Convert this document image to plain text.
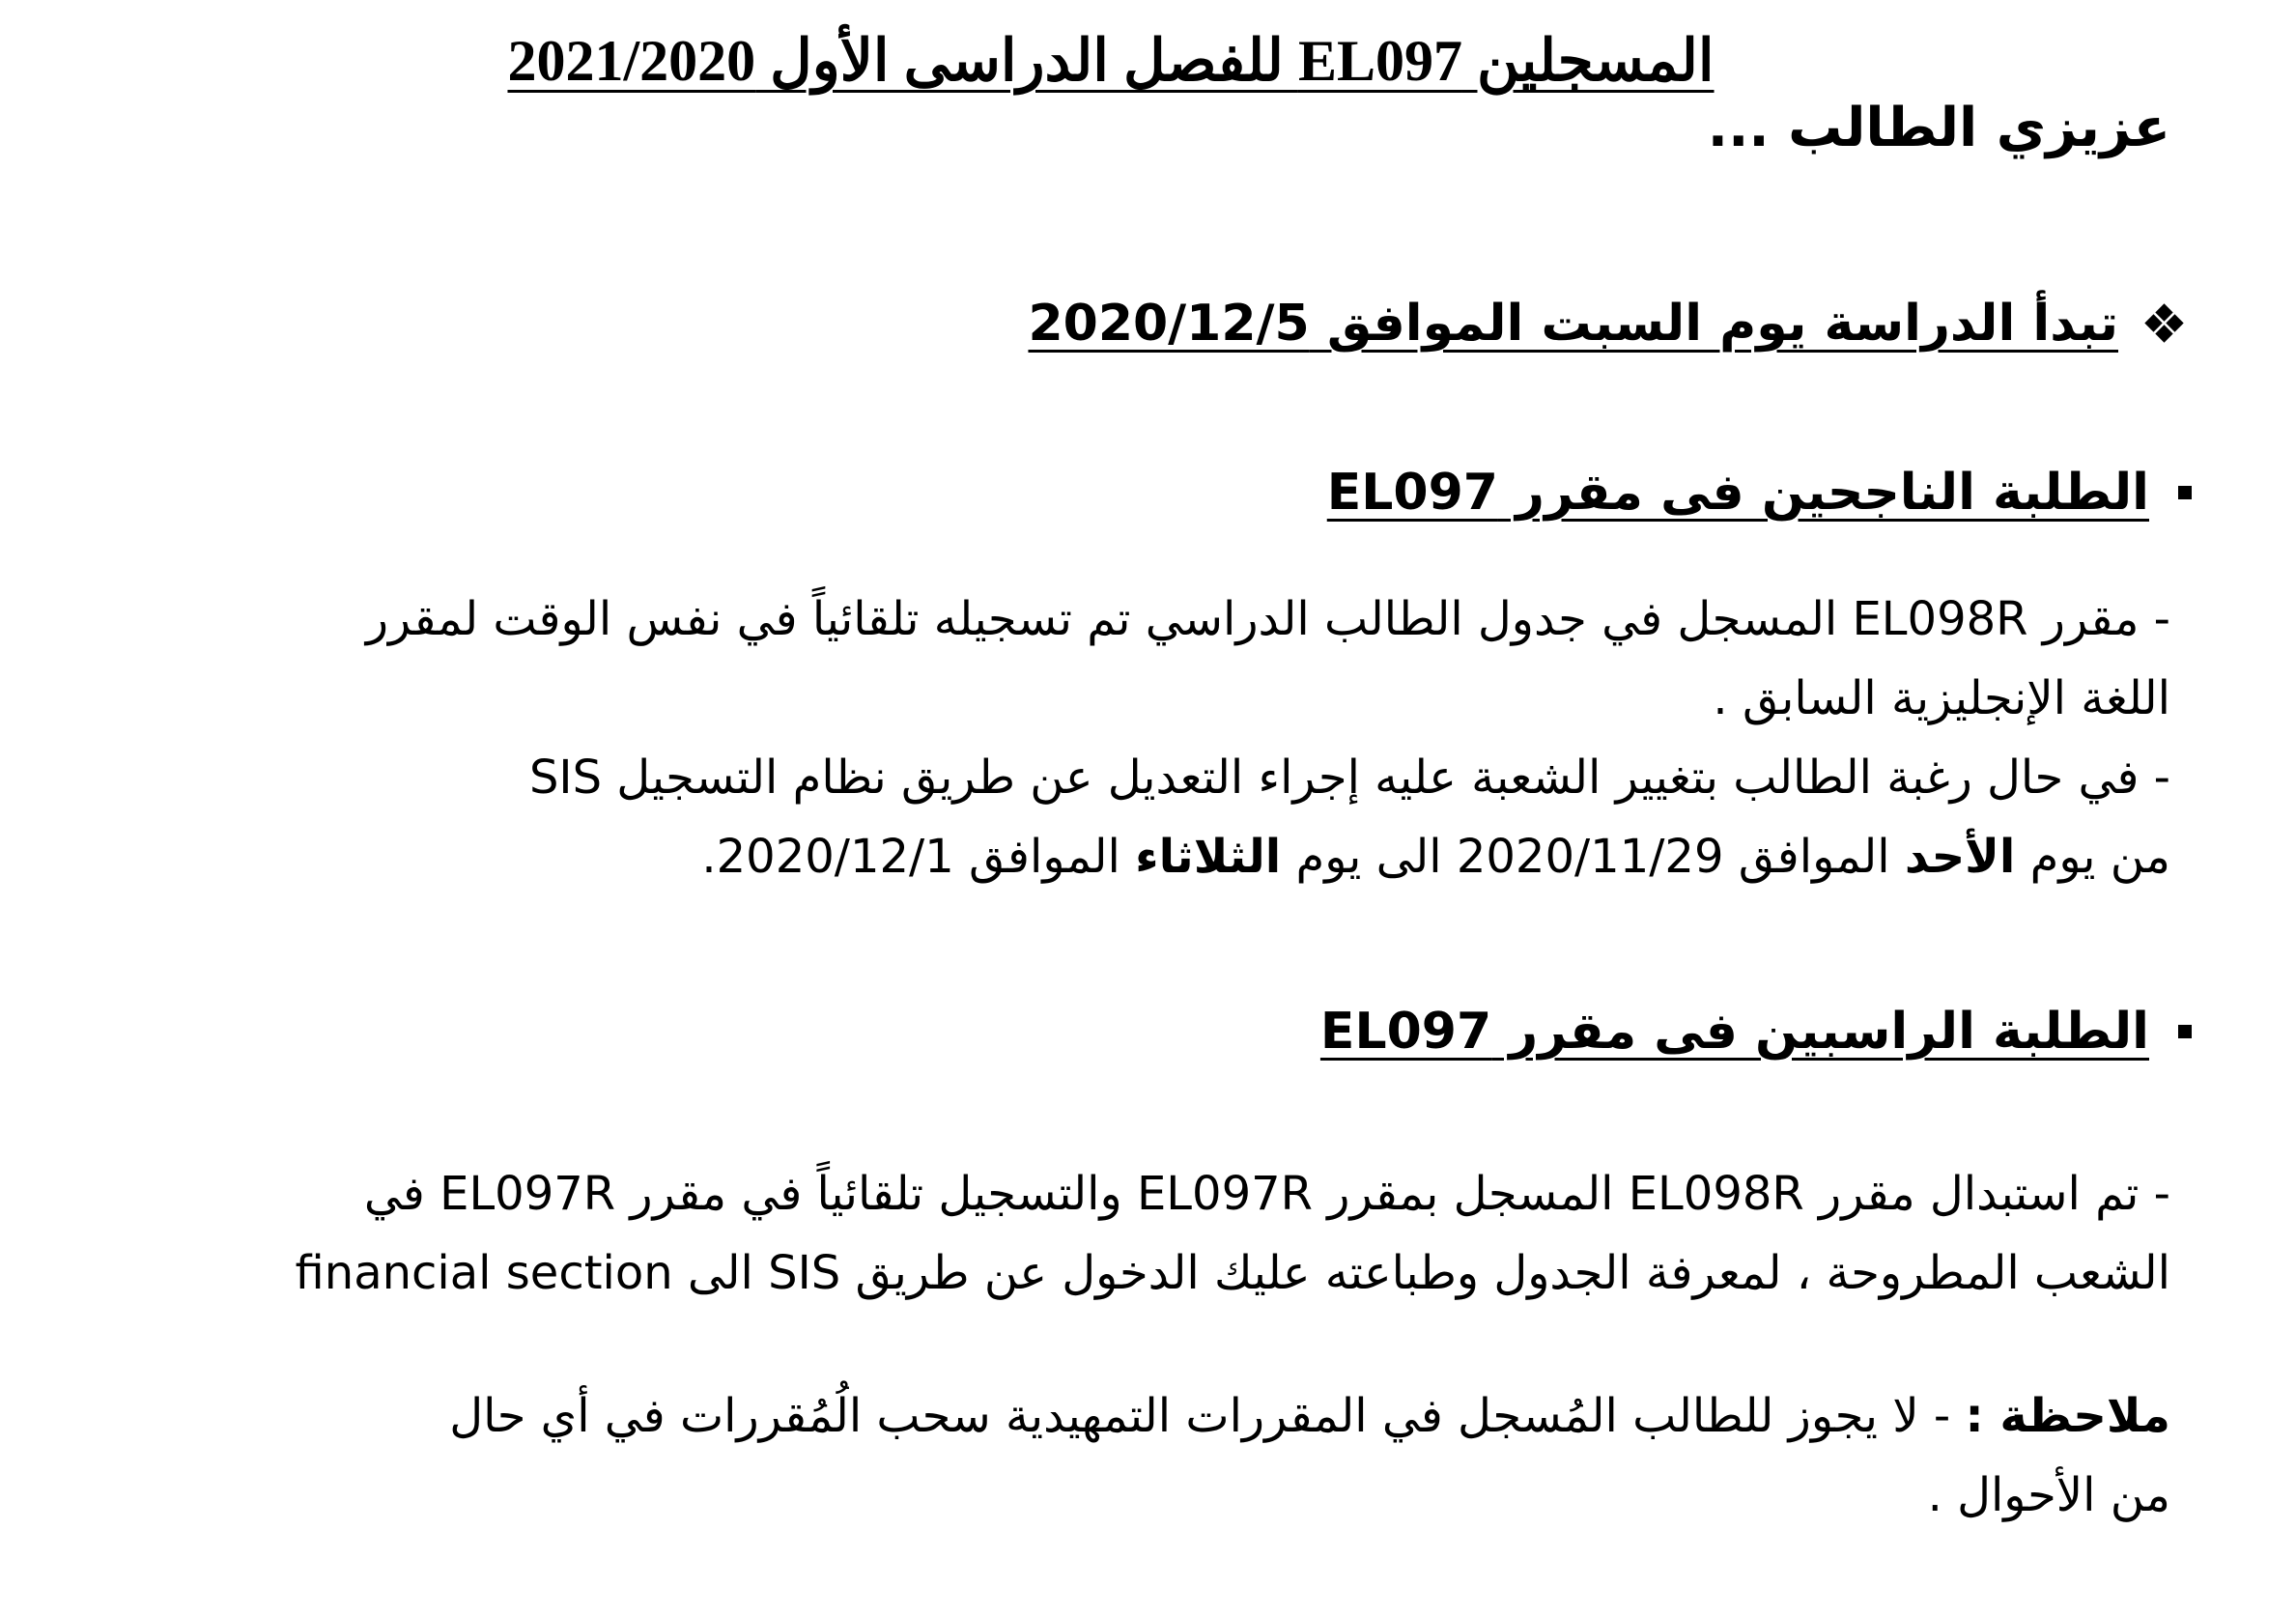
المسجلين EL097 للفصل الدراسى الأول 2021/2020
عزيزي الطالب ...
تبدأ الدراسة يوم السبت الموافق 2020/12/5
الطلبة الناجحين فى مقرر EL097
- مقرر EL098R المسجل في جدول الطالب الدراسي تم تسجيله تلقائياً في نفس الوقت لمقرر
اللغة الإنجليزية السابق .
- في حال رغبة الطالب بتغيير الشعبة عليه إجراء التعديل عن طريق نظام التسجيل SIS
من يوم الأحد الموافق 2020/11/29 الى يوم الثلاثاء الموافق 2020/12/1.
الطلبة الراسبين فى مقرر EL097
- تم استبدال مقرر EL098R المسجل بمقرر EL097R والتسجيل تلقائياً في مقرر EL097R في
الشعب المطروحة ، لمعرفة الجدول وطباعته عليك الدخول عن طريق SIS الى financial section
ملاحظة : - لا يجوز للطالب المُسجل في المقررات التمهيدية سحب الُمُقررات في أي حال
من الأحوال .
